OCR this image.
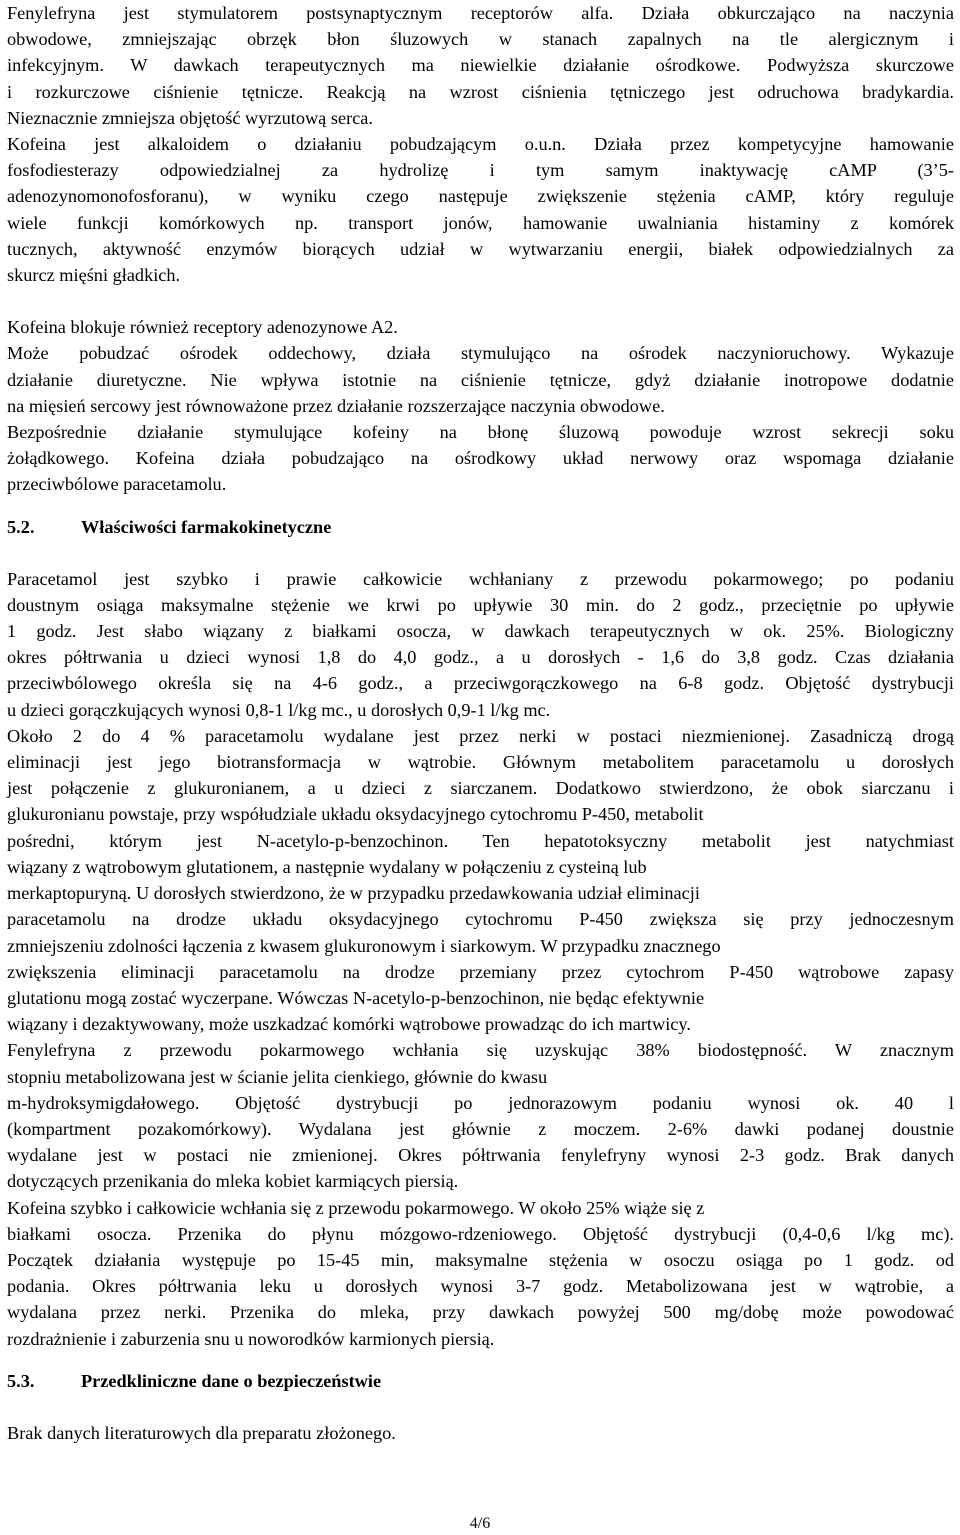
Fenylefryna jest stymulatorem postsynaptycznym receptorów alfa. Działa obkurczająco na naczynia
obwodowe, zmniejszając obrzęk błon śluzowych w stanach zapalnych na tle alergicznym i
infekcyjnym. W dawkach terapeutycznych ma niewielkie działanie ośrodkowe. Podwyższa skurczowe
i rozkurczowe ciśnienie tętnicze. Reakcją na wzrost ciśnienia tętniczego jest odruchowa bradykardia.
Nieznacznie zmniejsza objętość wyrzutową serca.
Kofeina jest alkaloidem o działaniu pobudzającym o.u.n. Działa przez kompetycyjne hamowanie
fosfodiesterazy odpowiedzialnej za hydrolizę i tym samym inaktywację cAMP (3’5-
adenozynomonofosforanu), w wyniku czego następuje zwiększenie stężenia cAMP, który reguluje
wiele funkcji komórkowych np. transport jonów, hamowanie uwalniania histaminy z komórek
tucznych, aktywność enzymów biorących udział w wytwarzaniu energii, białek odpowiedzialnych za
skurcz mięśni gładkich.
Kofeina blokuje również receptory adenozynowe A2.
Może pobudzać ośrodek oddechowy, działa stymulująco na ośrodek naczynioruchowy. Wykazuje
działanie diuretyczne. Nie wpływa istotnie na ciśnienie tętnicze, gdyż działanie inotropowe dodatnie
na mięsień sercowy jest równoważone przez działanie rozszerzające naczynia obwodowe.
Bezpośrednie działanie stymulujące kofeiny na błonę śluzową powoduje wzrost sekrecji soku
żołądkowego. Kofeina działa pobudzająco na ośrodkowy układ nerwowy oraz wspomaga działanie
przeciwbólowe paracetamolu.
5.2.	Właściwości farmakokinetyczne
Paracetamol jest szybko i prawie całkowicie wchłaniany z przewodu pokarmowego; po podaniu
doustnym osiąga maksymalne stężenie we krwi po upływie 30 min. do 2 godz., przeciętnie po upływie
1 godz. Jest słabo wiązany z białkami osocza, w dawkach terapeutycznych w ok. 25%. Biologiczny
okres półtrwania u dzieci wynosi 1,8 do 4,0 godz., a u dorosłych - 1,6 do 3,8 godz. Czas działania
przeciwbólowego określa się na 4-6 godz., a przeciwgorączkowego na 6-8 godz. Objętość dystrybucji
u dzieci gorączkujących wynosi 0,8-1 l/kg mc., u dorosłych 0,9-1 l/kg mc.
Około 2 do 4 % paracetamolu wydalane jest przez nerki w postaci niezmienionej. Zasadniczą drogą
eliminacji jest jego biotransformacja w wątrobie. Głównym metabolitem paracetamolu u dorosłych
jest połączenie z glukuronianem, a u dzieci z siarczanem. Dodatkowo stwierdzono, że obok siarczanu i
glukuronianu powstaje, przy współudziale układu oksydacyjnego cytochromu P-450, metabolit
pośredni, którym jest N-acetylo-p-benzochinon. Ten hepatotoksyczny metabolit jest natychmiast
wiązany z wątrobowym glutationem, a następnie wydalany w połączeniu z cysteiną lub
merkaptopuryną. U dorosłych stwierdzono, że w przypadku przedawkowania udział eliminacji
paracetamolu na drodze układu oksydacyjnego cytochromu P-450 zwiększa się przy jednoczesnym
zmniejszeniu zdolności łączenia z kwasem glukuronowym i siarkowym. W przypadku znacznego
zwiększenia eliminacji paracetamolu na drodze przemiany przez cytochrom P-450 wątrobowe zapasy
glutationu mogą zostać wyczerpane. Wówczas N-acetylo-p-benzochinon, nie będąc efektywnie
wiązany i dezaktywowany, może uszkadzać komórki wątrobowe prowadząc do ich martwicy.
Fenylefryna z przewodu pokarmowego wchłania się uzyskując 38% biodostępność. W znacznym
stopniu metabolizowana jest w ścianie jelita cienkiego, głównie do kwasu
m-hydroksymigdałowego. Objętość dystrybucji po jednorazowym podaniu wynosi ok. 40 l
(kompartment pozakomórkowy). Wydalana jest głównie z moczem. 2-6% dawki podanej doustnie
wydalane jest w postaci nie zmienionej. Okres półtrwania fenylefryny wynosi 2-3 godz. Brak danych
dotyczących przenikania do mleka kobiet karmiących piersią.
Kofeina szybko i całkowicie wchłania się z przewodu pokarmowego. W około 25% wiąże się z
białkami osocza. Przenika do płynu mózgowo-rdzeniowego. Objętość dystrybucji (0,4-0,6 l/kg mc).
Początek działania występuje po 15-45 min, maksymalne stężenia w osoczu osiąga po 1 godz. od
podania. Okres półtrwania leku u dorosłych wynosi 3-7 godz. Metabolizowana jest w wątrobie, a
wydalana przez nerki. Przenika do mleka, przy dawkach powyżej 500 mg/dobę może powodować
rozdrażnienie i zaburzenia snu u noworodków karmionych piersią.
5.3.	Przedkliniczne dane o bezpieczeństwie
Brak danych literaturowych dla preparatu złożonego.
4/6
